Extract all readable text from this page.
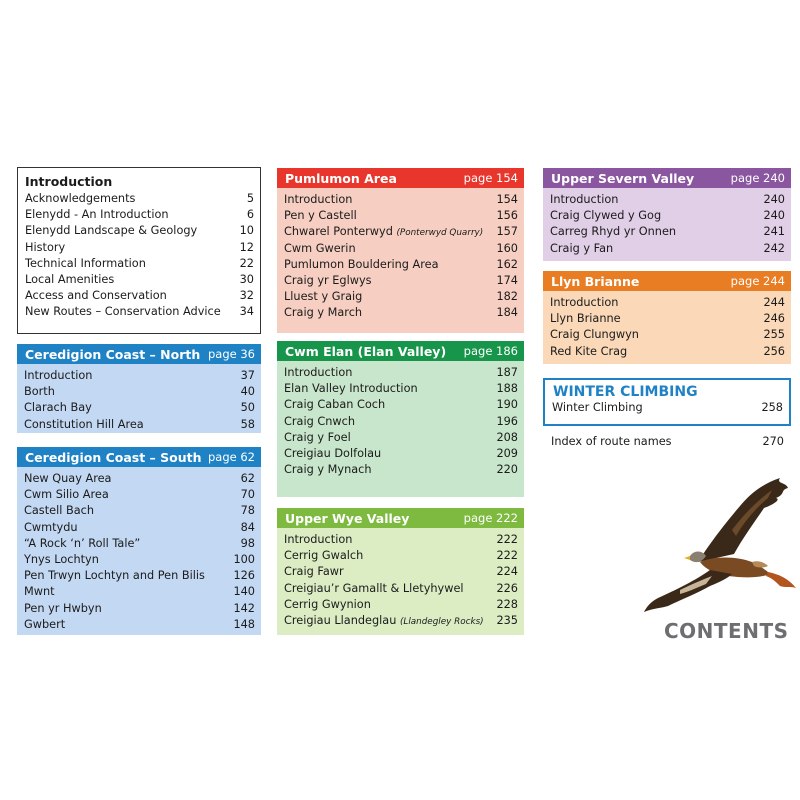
Introduction
Acknowledgements	5
Elenydd - An Introduction	6
Elenydd Landscape & Geology	10
History	12
Technical Information	22
Local Amenities	30
Access and Conservation	32
New Routes – Conservation Advice 34
Ceredigion Coast – North page 36
Introduction	37
Borth	40
Clarach Bay	50
Constitution Hill Area	58
Ceredigion Coast – South page 62
New Quay Area	62
Cwm Silio Area	70
Castell Bach	78
Cwmtydu	84
“A Rock ‘n’ Roll Tale”	98
Ynys Lochtyn	100
Pen Trwyn Lochtyn and Pen Bilis	126
Mwnt	140
Pen yr Hwbyn	142
Gwbert	148
Pumlumon Area	page 154
Introduction	154
Pen y Castell	156
Chwarel Ponterwyd (Ponterwyd Quarry) 157
Cwm Gwerin	160
Pumlumon Bouldering Area	162
Craig yr Eglwys	174
Lluest y Graig	182
Craig y March	184
Cwm Elan (Elan Valley) page 186
Introduction	187
Elan Valley Introduction	188
Craig Caban Coch	190
Craig Cnwch	196
Craig y Foel	208
Creigiau Dolfolau	209
Craig y Mynach	220
Upper Wye Valley	page 222
Introduction	222
Cerrig Gwalch	222
Craig Fawr	224
Creigiau’r Gamallt & Lletyhywel	226
Cerrig Gwynion	228
Creigiau Llandeglau (Llandegley Rocks) 235
Upper Severn Valley	page 240
Introduction	240
Craig Clywed y Gog	240
Carreg Rhyd yr Onnen	241
Craig y Fan	242
Llyn Brianne	page 244
Introduction	244
Llyn Brianne	246
Craig Clungwyn	255
Red Kite Crag	256
WINTER CLIMBING
Winter Climbing	258
Index of route names	270
CONTENTS
